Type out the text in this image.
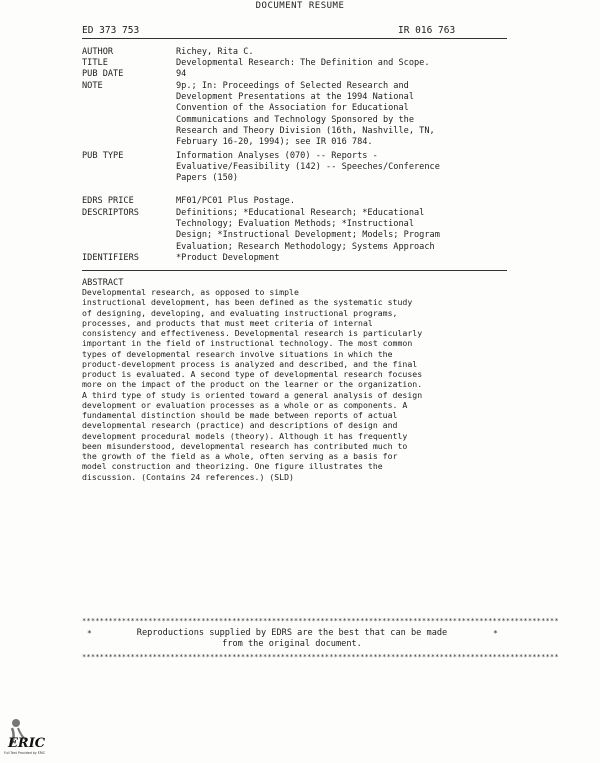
DOCUMENT RESUME
ED 373 753	IR 016 763
AUTHOR	Richey, Rita C.
TITLE	Developmental Research: The Definition and Scope.
PUB DATE	94
NOTE	9p.; In: Proceedings of Selected Research and
Development Presentations at the 1994 National
Convention of the Association for Educational
Communications and Technology Sponsored by the
Research and Theory Division (16th, Nashville, TN,
February 16-20, 1994); see IR 016 784.
PUB TYPE	Information Analyses (070) -- Reports -
Evaluative/Feasibility (142) -- Speeches/Conference
Papers (150)
EDRS PRICE	MF01/PC01 Plus Postage.
DESCRIPTORS	Definitions; *Educational Research; *Educational
Technology; Evaluation Methods; *Instructional
Design; *Instructional Development; Models; Program
Evaluation; Research Methodology; Systems Approach
IDENTIFIERS	*Product Development
ABSTRACT
Developmental research, as opposed to simple
instructional development, has been defined as the systematic study
of designing, developing, and evaluating instructional programs,
processes, and products that must meet criteria of internal
consistency and effectiveness. Developmental research is particularly
important in the field of instructional technology. The most common
types of developmental research involve situations in which the
product-development process is analyzed and described, and the final
product is evaluated. A second type of developmental research focuses
more on the impact of the product on the learner or the organization.
A third type of study is oriented toward a general analysis of design
development or evaluation processes as a whole or as components. A
fundamental distinction should be made between reports of actual
developmental research (practice) and descriptions of design and
development procedural models (theory). Although it has frequently
been misunderstood, developmental research has contributed much to
the growth of the field as a whole, often serving as a basis for
model construction and theorizing. One figure illustrates the
discussion. (Contains 24 references.) (SLD)
************************************************************************************************************
*	*
Reproductions supplied by EDRS are the best that can be made
from the original document.
************************************************************************************************************
ERIC
Full Text Provided by ERIC
